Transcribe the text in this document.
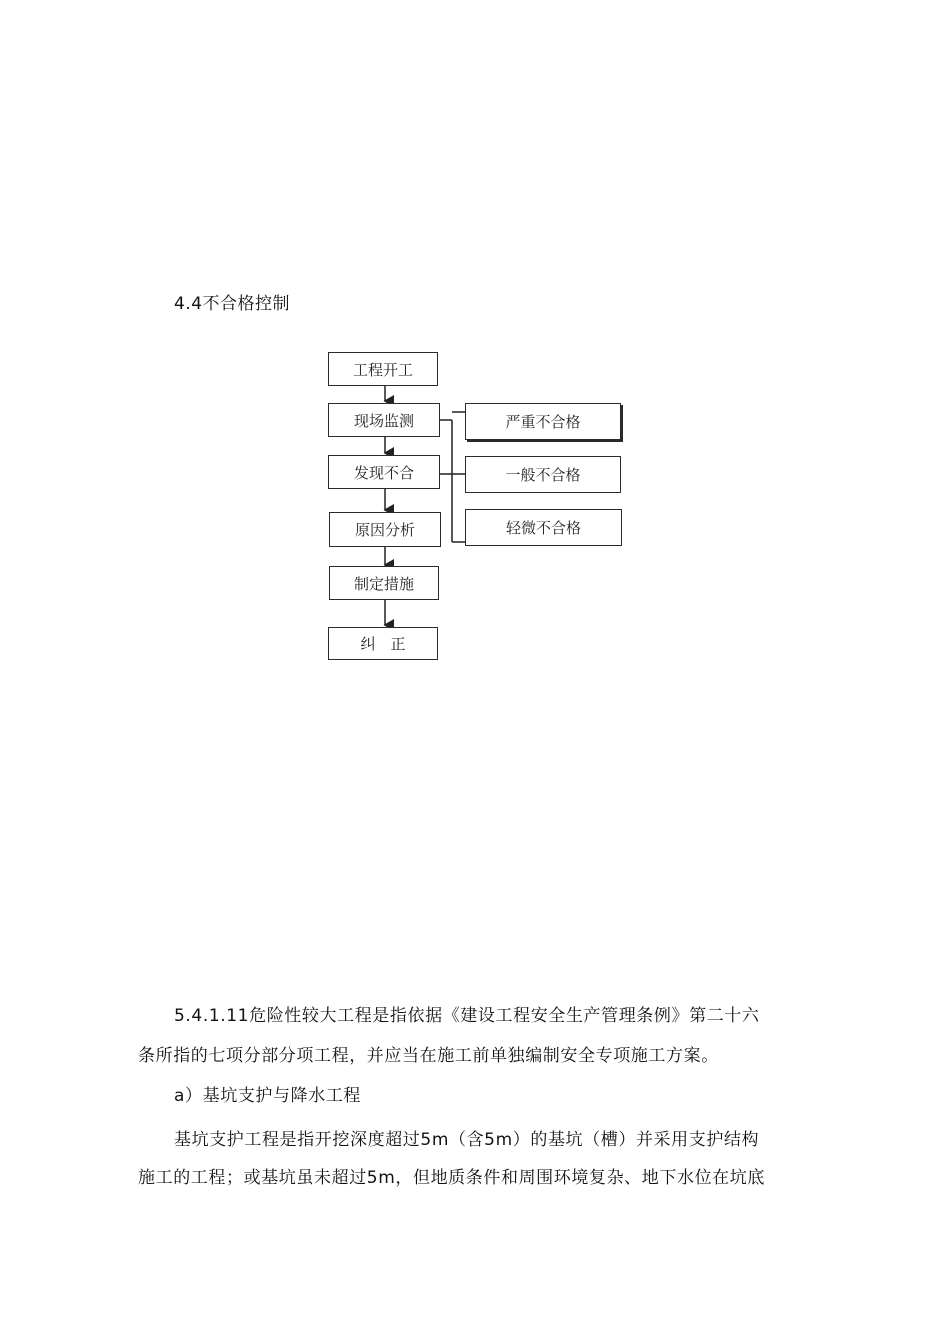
4.4不合格控制
工程开工
现场监测
发现不合
原因分析
制定措施
纠　正
严重不合格
一般不合格
轻微不合格
5.4.1.11危险性较大工程是指依据《建设工程安全生产管理条例》第二十六
条所指的七项分部分项工程，并应当在施工前单独编制安全专项施工方案。
a）基坑支护与降水工程
基坑支护工程是指开挖深度超过5m（含5m）的基坑（槽）并采用支护结构
施工的工程；或基坑虽未超过5m，但地质条件和周围环境复杂、地下水位在坑底
